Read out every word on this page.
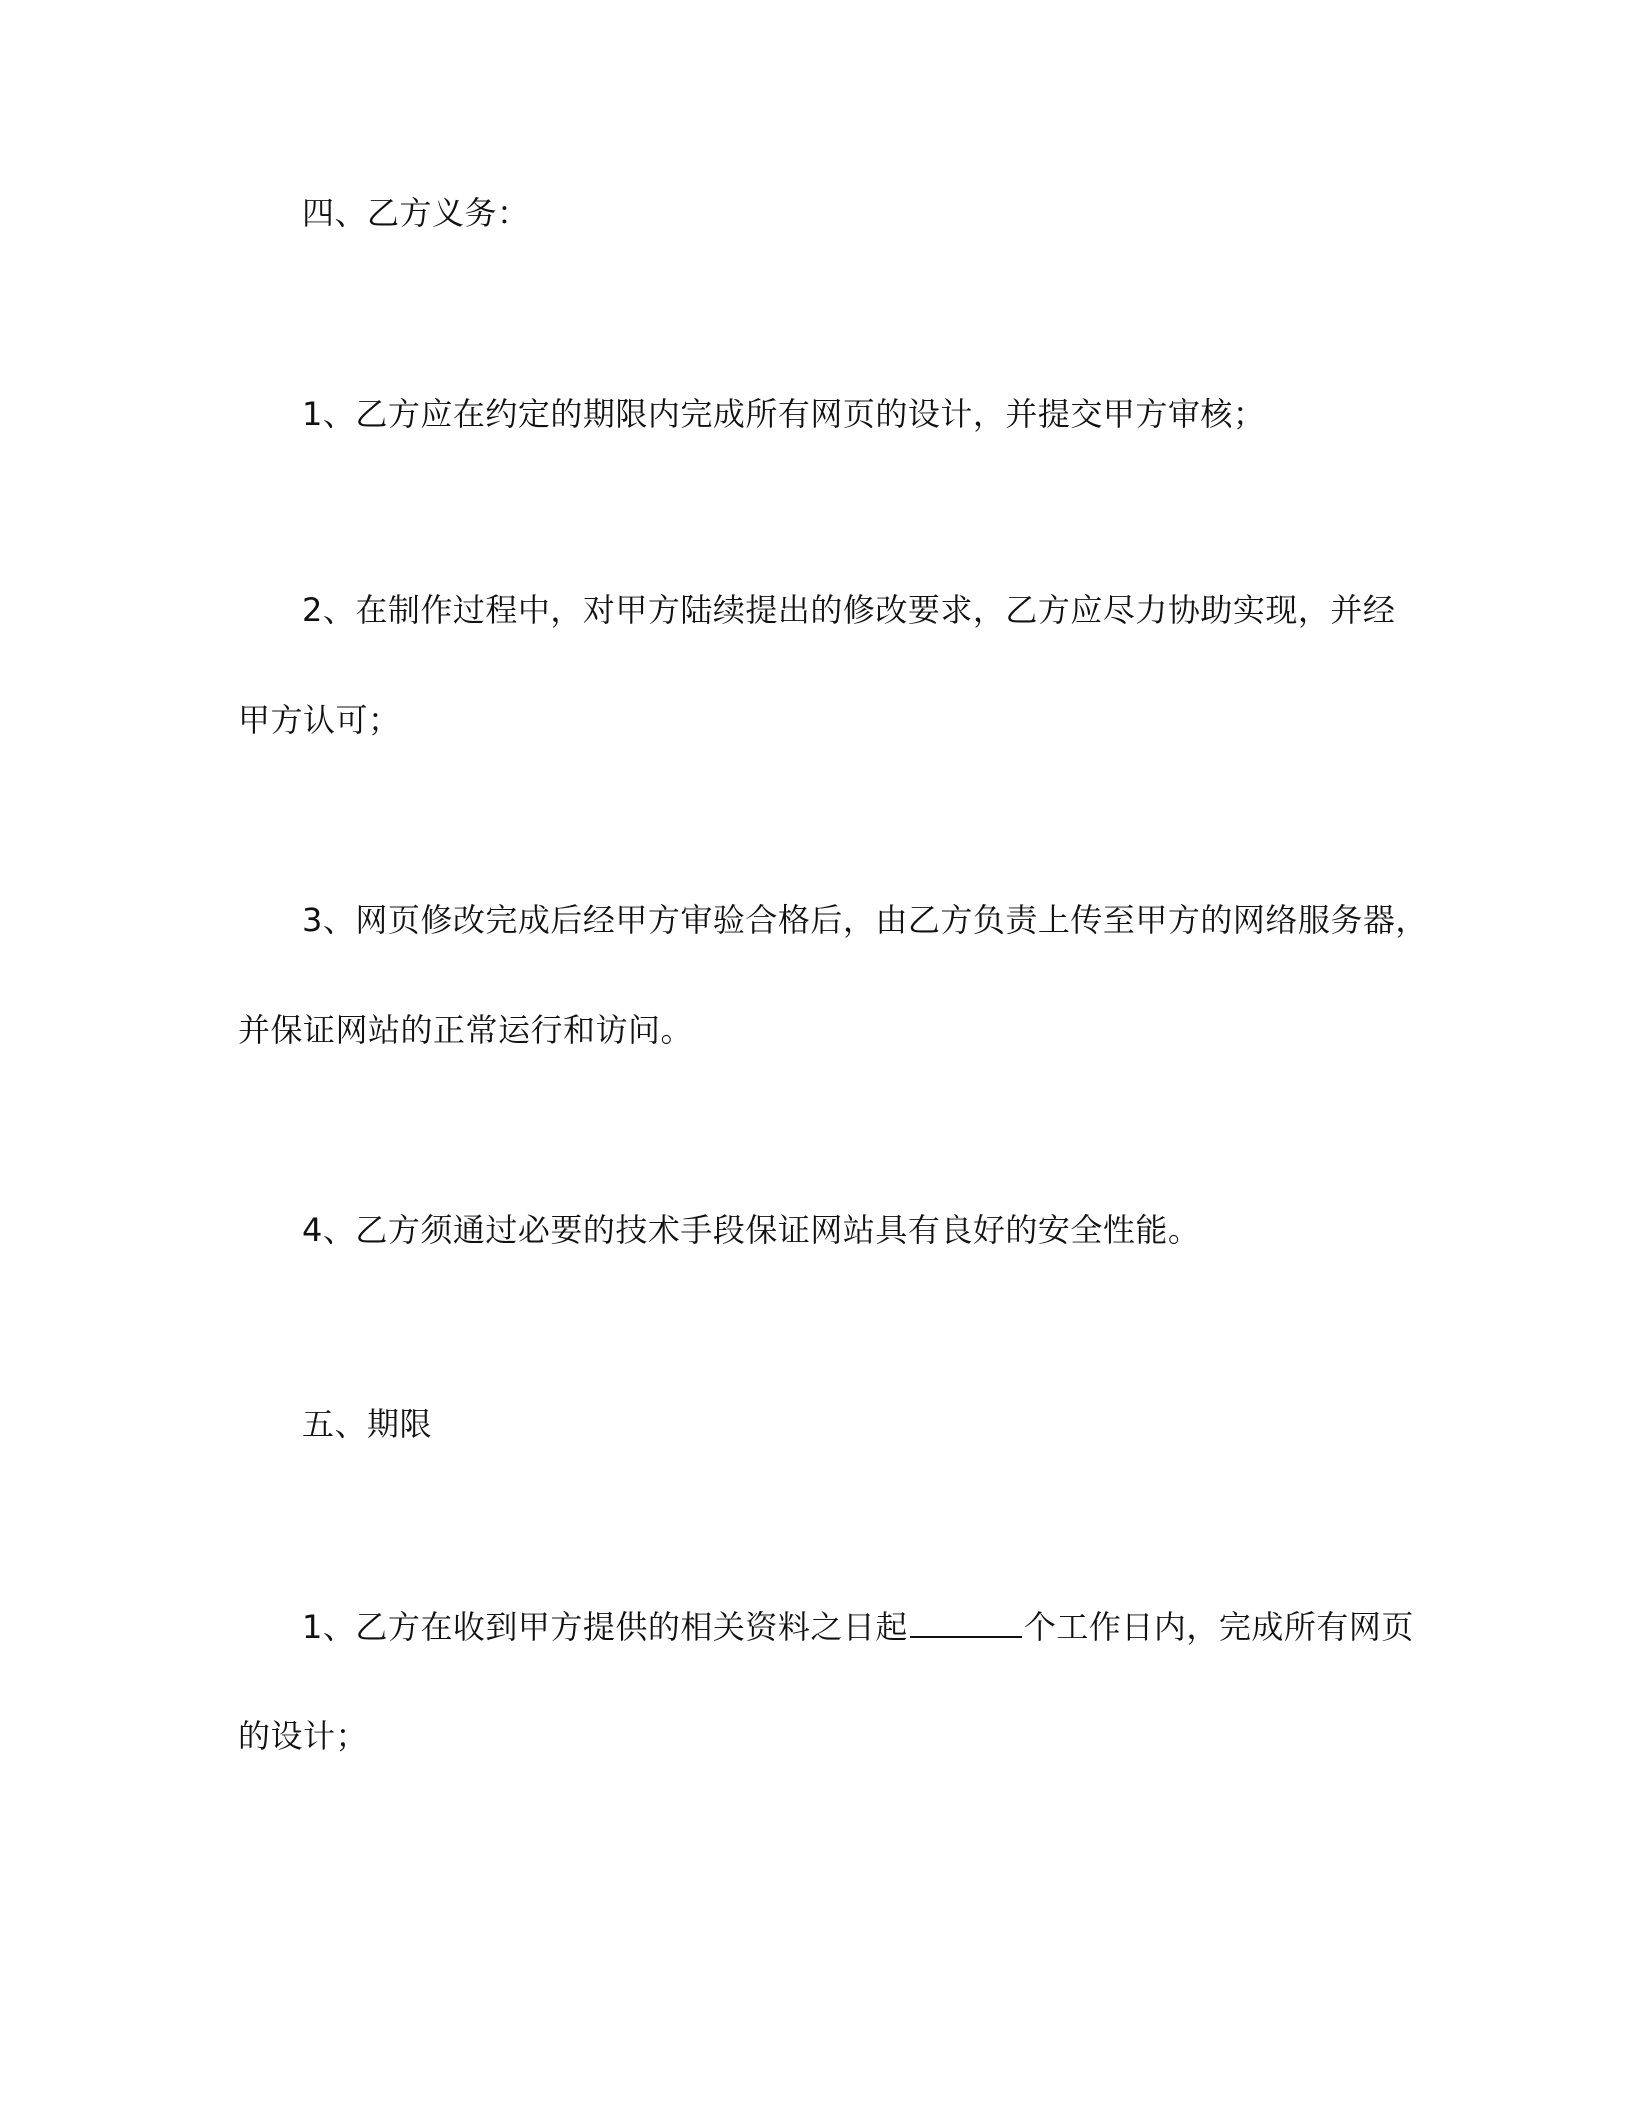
四、乙方义务：
1、乙方应在约定的期限内完成所有网页的设计，并提交甲方审核；
2、在制作过程中，对甲方陆续提出的修改要求，乙方应尽力协助实现，并经
甲方认可；
3、网页修改完成后经甲方审验合格后，由乙方负责上传至甲方的网络服务器，
并保证网站的正常运行和访问。
4、乙方须通过必要的技术手段保证网站具有良好的安全性能。
五、期限
1、乙方在收到甲方提供的相关资料之日起	个工作日内，完成所有网页
的设计；
